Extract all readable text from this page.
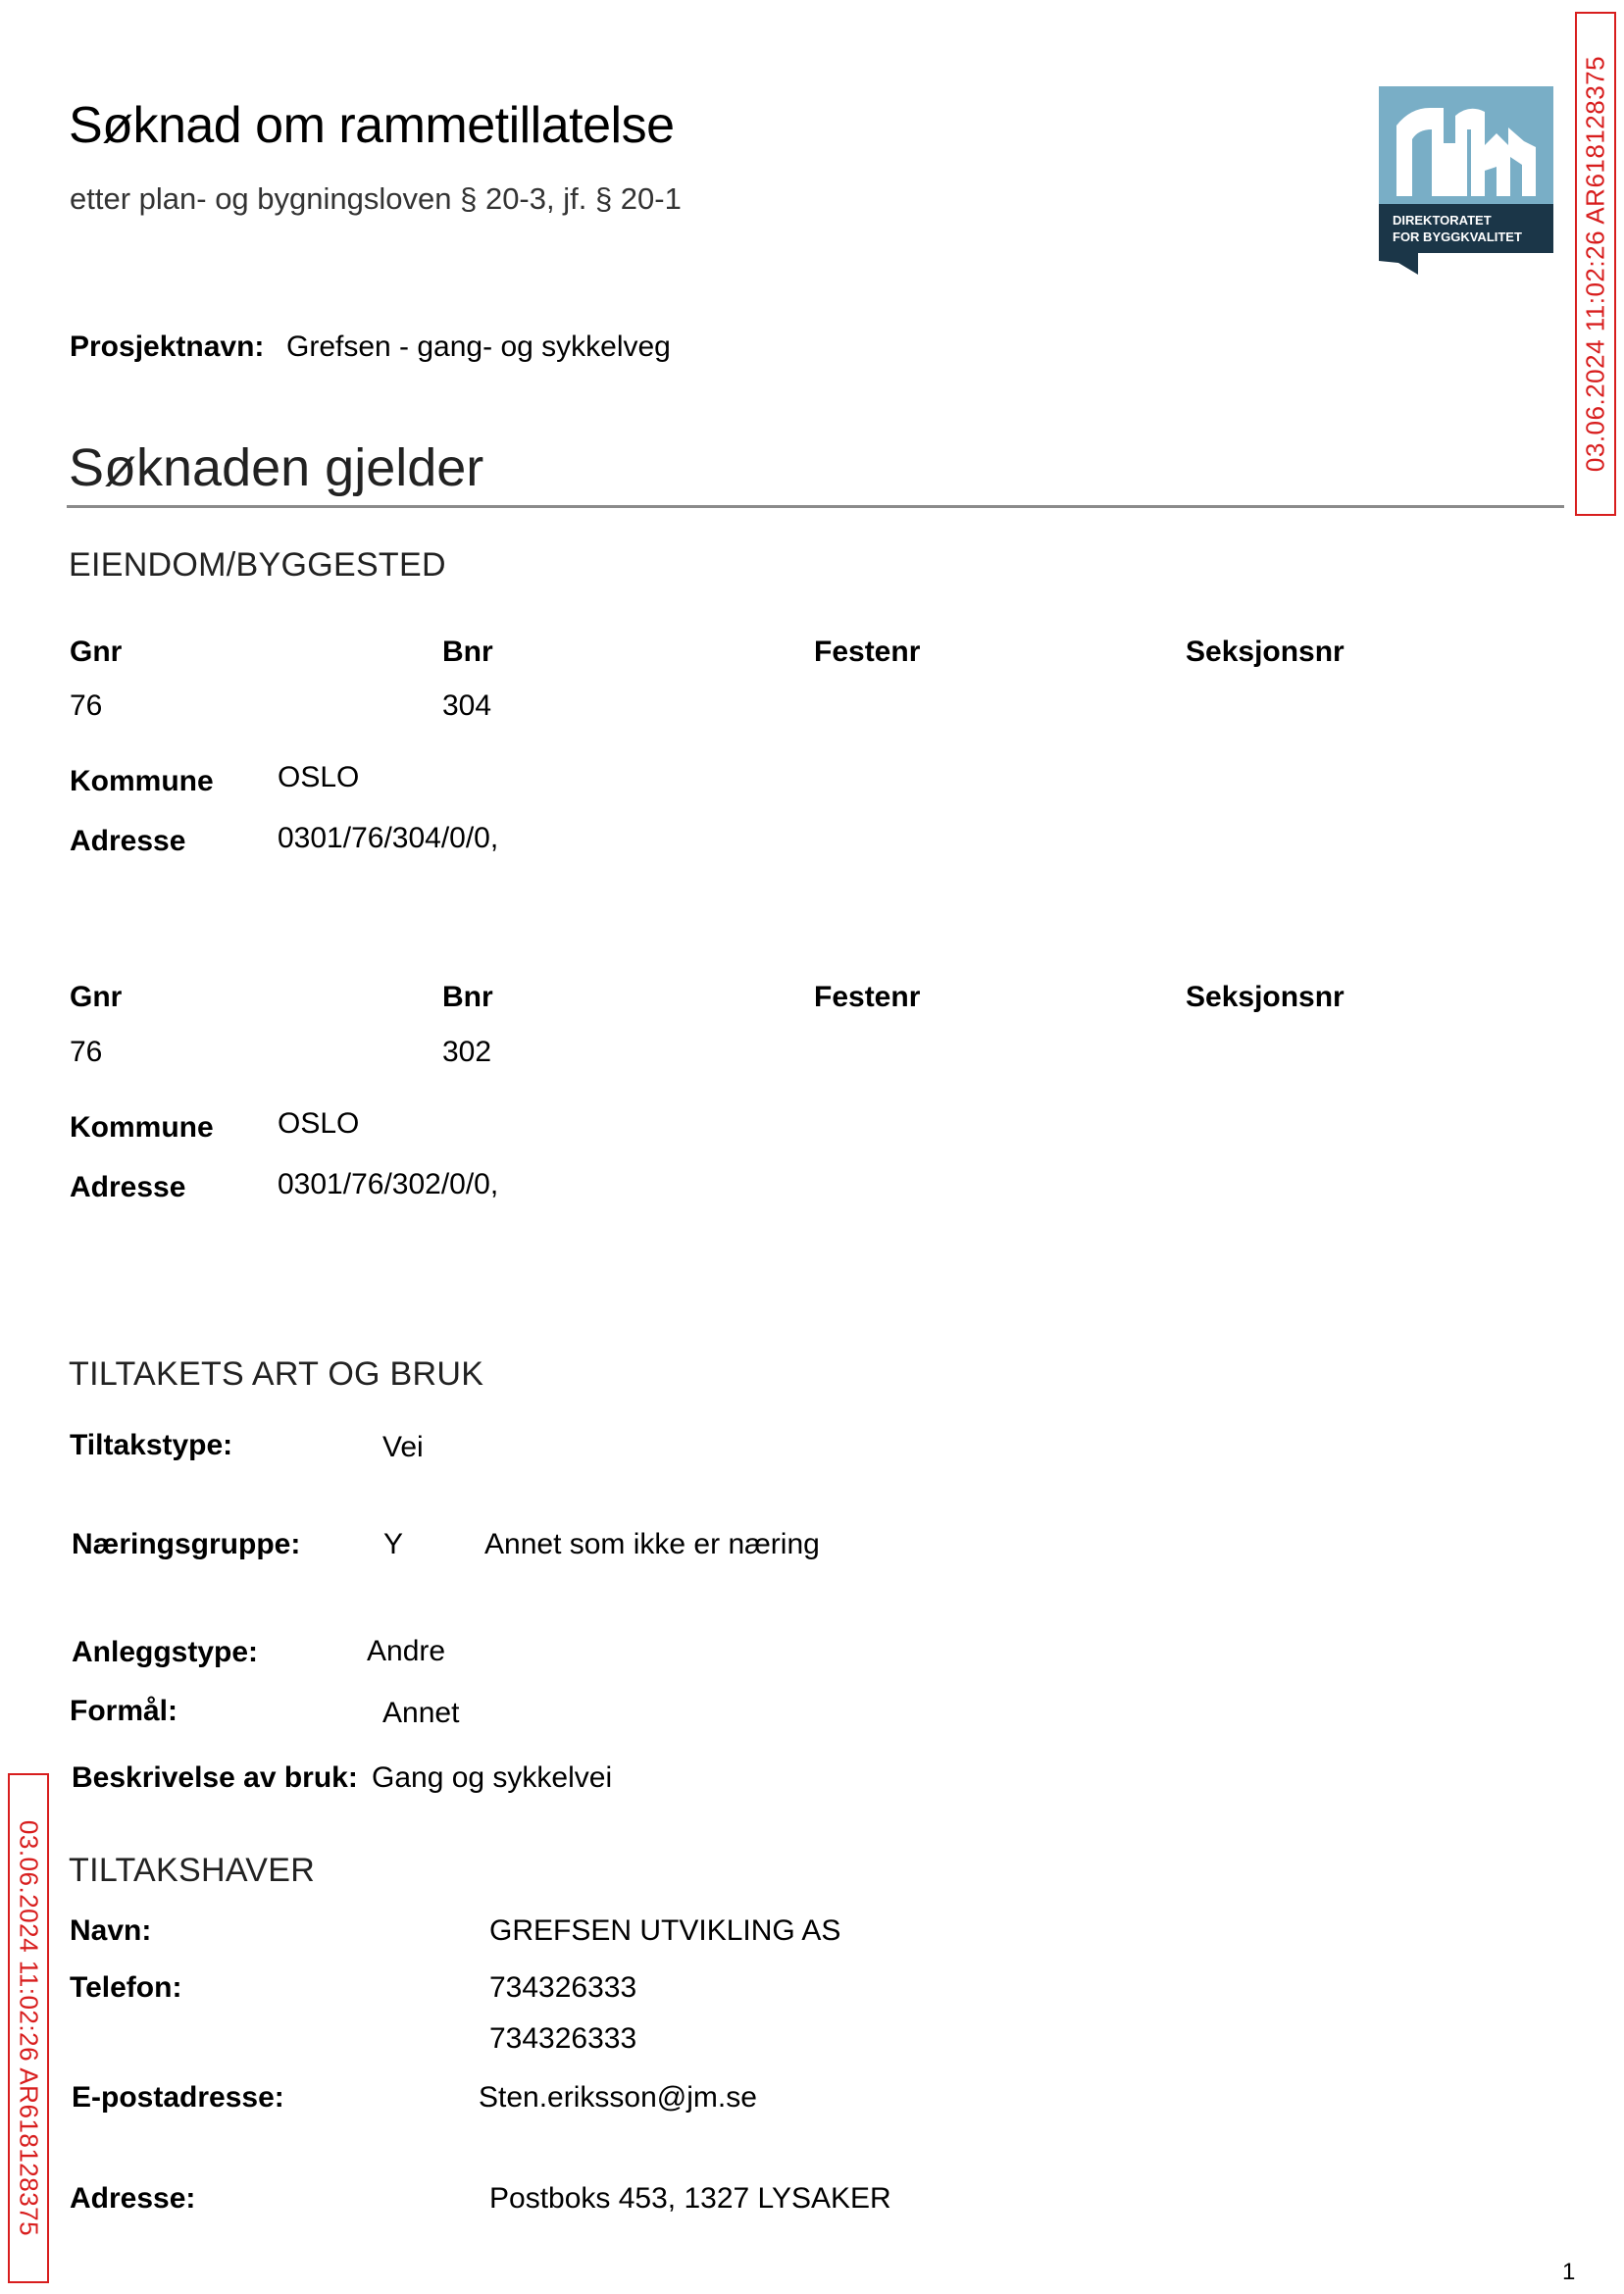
Søknad om rammetillatelse
etter plan- og bygningsloven § 20-3, jf. § 20-1
DIREKTORATET
FOR BYGGKVALITET 03.06.2024 11:02:26 AR618128375
Prosjektnavn: Grefsen - gang- og sykkelveg
Søknaden gjelder
EIENDOM/BYGGESTED
Gnr	Bnr	Festenr	Seksjonsnr
76	304
Kommune OSLO
Adresse	0301/76/304/0/0,
Gnr	Bnr	Festenr	Seksjonsnr
76	302
Kommune OSLO
Adresse	0301/76/302/0/0,
TILTAKETS ART OG BRUK
Tiltakstype:	Vei
Næringsgruppe:	Y	Annet som ikke er næring
Anleggstype:	Andre
Formål:	Annet
Beskrivelse av bruk: Gang og sykkelvei
03.06.2024 11:02:26 AR618128375 TILTAKSHAVER
Navn:	GREFSEN UTVIKLING AS
Telefon:	734326333
734326333
E-postadresse:	Sten.eriksson@jm.se
Adresse:	Postboks 453, 1327 LYSAKER
1
